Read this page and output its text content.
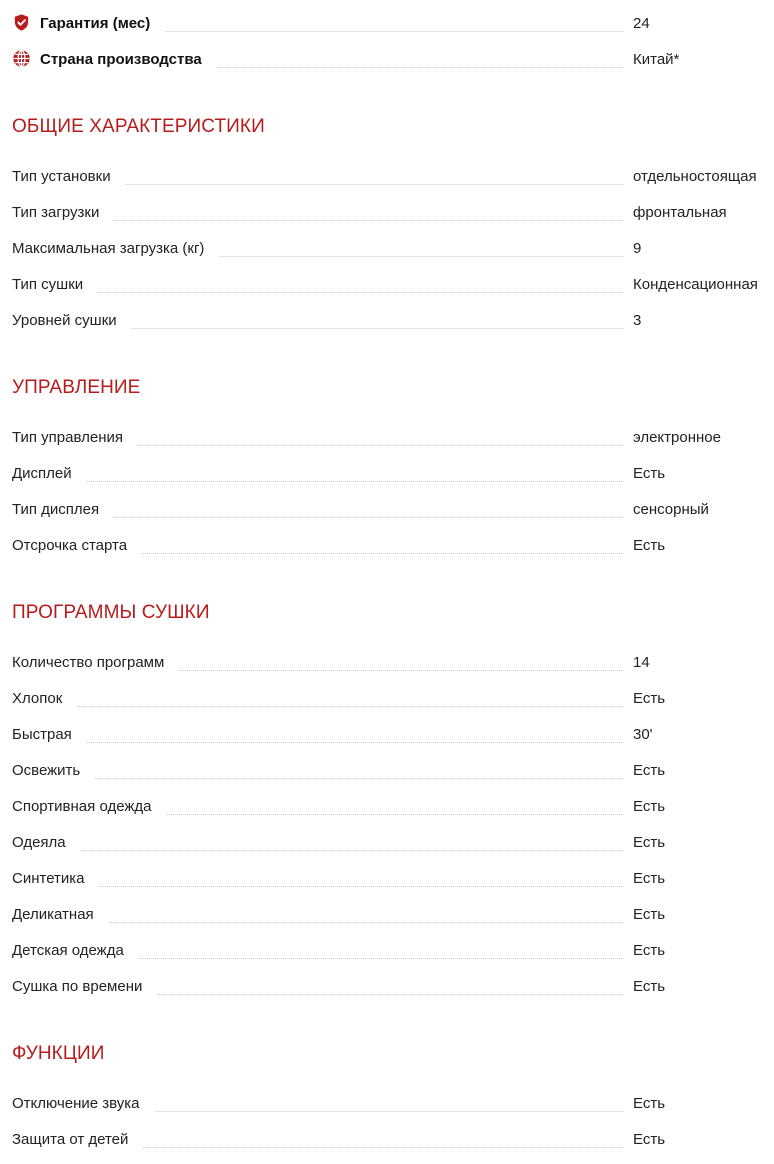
Гарантия (мес)	24
Страна производства	Китай*
ОБЩИЕ ХАРАКТЕРИСТИКИ
Тип установки	отдельностоящая
Тип загрузки	фронтальная
Максимальная загрузка (кг)	9
Тип сушки	Конденсационная
Уровней сушки	3
УПРАВЛЕНИЕ
Тип управления	электронное
Дисплей	Есть
Тип дисплея	сенсорный
Отсрочка старта	Есть
ПРОГРАММЫ СУШКИ
Количество программ	14
Хлопок	Есть
Быстрая	30'
Освежить	Есть
Спортивная одежда	Есть
Одеяла	Есть
Синтетика	Есть
Деликатная	Есть
Детская одежда	Есть
Сушка по времени	Есть
ФУНКЦИИ
Отключение звука	Есть
Защита от детей	Есть
